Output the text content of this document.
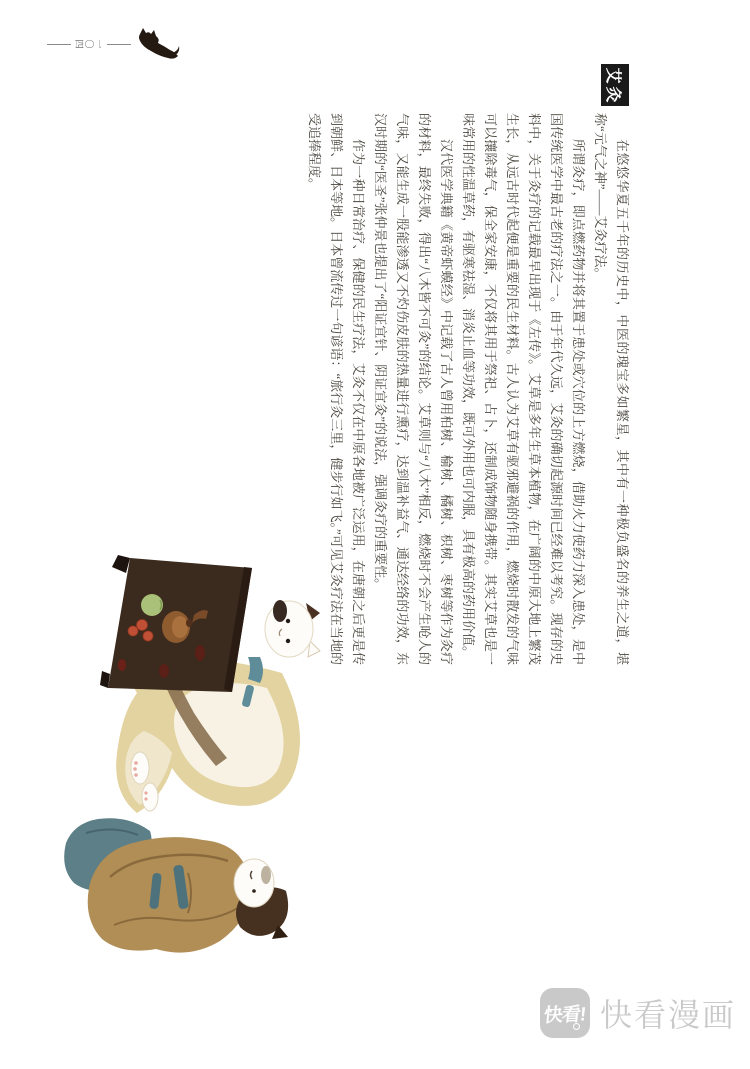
艾灸

在悠悠华夏五千年的历史中，中医的瑰宝多如繁星，其中有一种极负盛名的养生之道，堪称“元气之神”——艾灸疗法。

所谓灸疗，即点燃药物并将其置于患处或穴位的上方燃烧，借助火力使药力深入患处，是中国传统医学中最古老的疗法之一。由于年代久远，艾灸的确切起源时间已经难以考究。现存的史料中，关于灸疗的记载最早出现于《左传》。艾草是多年生草本植物，在广阔的中原大地上繁茂生长，从远古时代起便是重要的民生材料。古人认为艾草有驱邪避祸的作用，燃烧时散发的气味可以攘除毒气，保全家安康，不仅将其用于祭祀、占卜，还制成饰物随身携带。其实艾草也是一味常用的性温草药，有驱寒祛湿、消炎止血等功效，既可外用也可内服，具有极高的药用价值。

汉代医学典籍《黄帝虾蟆经》中记载了古人曾用柏树、榆树、橘树、枳树、枣树等作为灸疗的材料，最终失败，得出“八木皆不可灸”的结论。艾草则与“八木”相反，燃烧时不会产生呛人的气味，又能生成一股能渗透又不灼伤皮肤的热量进行熏疗，达到温补益气、通达经络的功效，东汉时期的“医圣”张仲景也提出了“阳证宜针、阴证宜灸”的说法，强调灸疗的重要性。

作为一种日常治疗、保健的民生疗法，艾灸不仅在中原各地被广泛运用，在唐朝之后更是传到朝鲜、日本等地。日本曾流传过一句谚语：“旅行灸三里，健步行如飞。”可见艾灸疗法在当地的受追捧程度。

一〇四
快看! 快看漫画
